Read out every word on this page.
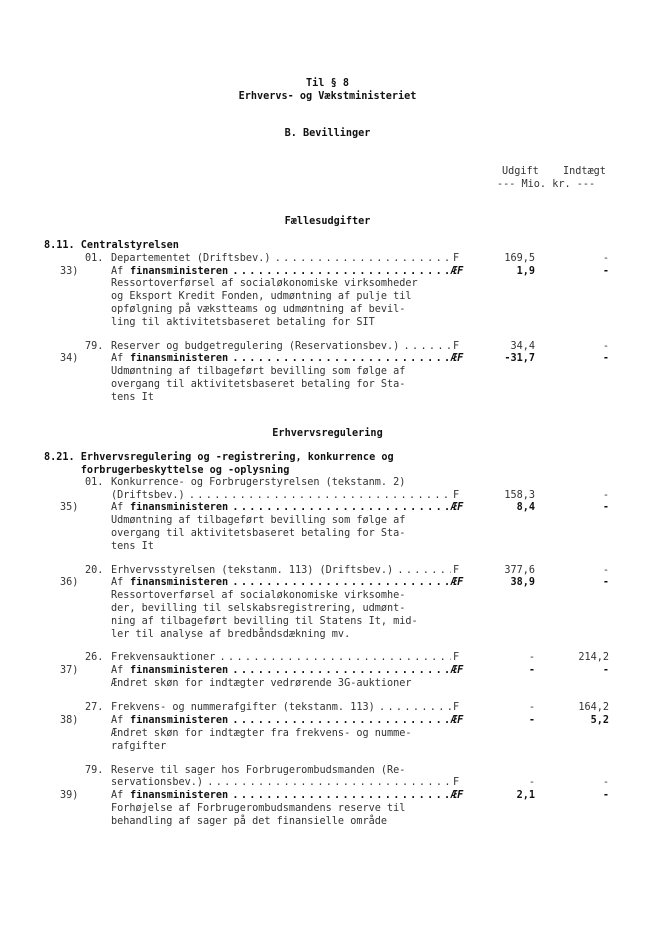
Til § 8
Erhvervs- og Vækstministeriet
B. Bevillinger
Udgift Indtægt
--- Mio. kr. ---
Fællesudgifter
8.11. Centralstyrelsen
01. Departementet (Driftsbev.) . . .	F	169,5	-
33)	Af finansministeren . . .	ÆF	1,9	-
Ressortoverførsel af socialøkonomiske virksomheder
og Eksport Kredit Fonden, udmøntning af pulje til
opfølgning på vækstteams og udmøntning af bevil-
ling til aktivitetsbaseret betaling for SIT
79. Reserver og budgetregulering (Reservationsbev.) . . .	F	34,4	-
34)	Af finansministeren . . .	ÆF	-31,7	-
Udmøntning af tilbageført bevilling som følge af
overgang til aktivitetsbaseret betaling for Sta-
tens It
Erhvervsregulering
8.21. Erhvervsregulering og -registrering, konkurrence og
forbrugerbeskyttelse og -oplysning
01. Konkurrence- og Forbrugerstyrelsen (tekstanm. 2)
(Driftsbev.) . . .	F	158,3	-
35)	Af finansministeren . . .	ÆF	8,4	-
Udmøntning af tilbageført bevilling som følge af
overgang til aktivitetsbaseret betaling for Sta-
tens It
20. Erhvervsstyrelsen (tekstanm. 113) (Driftsbev.) . . .	F	377,6	-
36)	Af finansministeren . . .	ÆF	38,9	-
Ressortoverførsel af socialøkonomiske virksomhe-
der, bevilling til selskabsregistrering, udmønt-
ning af tilbageført bevilling til Statens It, mid-
ler til analyse af bredbåndsdækning mv.
26. Frekvensauktioner . . .	F	-	214,2
37)	Af finansministeren . . .	ÆF	-	-
Ændret skøn for indtægter vedrørende 3G-auktioner
27. Frekvens- og nummerafgifter (tekstanm. 113) . . .	F	-	164,2
38)	Af finansministeren . . .	ÆF	-	5,2
Ændret skøn for indtægter fra frekvens- og numme-
rafgifter
79. Reserve til sager hos Forbrugerombudsmanden (Re-
servationsbev.) . . .	F	-	-
39)	Af finansministeren . . .	ÆF	2,1	-
Forhøjelse af Forbrugerombudsmandens reserve til
behandling af sager på det finansielle område
